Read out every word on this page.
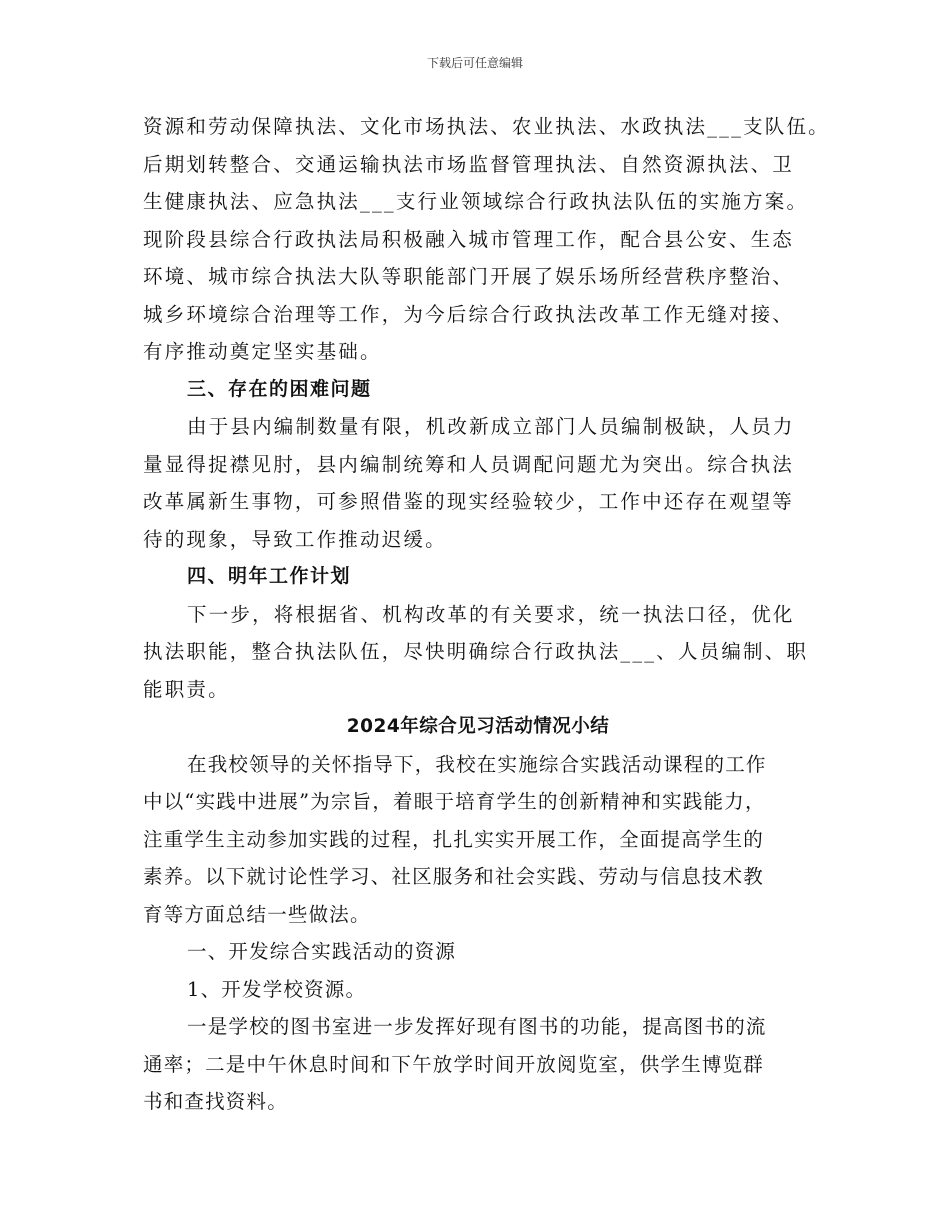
下载后可任意编辑
资源和劳动保障执法、文化市场执法、农业执法、水政执法___支队伍。
后期划转整合、交通运输执法市场监督管理执法、自然资源执法、卫
生健康执法、应急执法___支行业领域综合行政执法队伍的实施方案。
现阶段县综合行政执法局积极融入城市管理工作，配合县公安、生态
环境、城市综合执法大队等职能部门开展了娱乐场所经营秩序整治、
城乡环境综合治理等工作，为今后综合行政执法改革工作无缝对接、
有序推动奠定坚实基础。
三、存在的困难问题
由于县内编制数量有限，机改新成立部门人员编制极缺，人员力
量显得捉襟见肘，县内编制统筹和人员调配问题尤为突出。综合执法
改革属新生事物，可参照借鉴的现实经验较少，工作中还存在观望等
待的现象，导致工作推动迟缓。
四、明年工作计划
下一步，将根据省、机构改革的有关要求，统一执法口径，优化
执法职能，整合执法队伍，尽快明确综合行政执法___、人员编制、职
能职责。
2024年综合见习活动情况小结
在我校领导的关怀指导下，我校在实施综合实践活动课程的工作
中以“实践中进展”为宗旨，着眼于培育学生的创新精神和实践能力，
注重学生主动参加实践的过程，扎扎实实开展工作，全面提高学生的
素养。以下就讨论性学习、社区服务和社会实践、劳动与信息技术教
育等方面总结一些做法。
一、开发综合实践活动的资源
1、开发学校资源。
一是学校的图书室进一步发挥好现有图书的功能，提高图书的流
通率；二是中午休息时间和下午放学时间开放阅览室，供学生博览群
书和查找资料。
